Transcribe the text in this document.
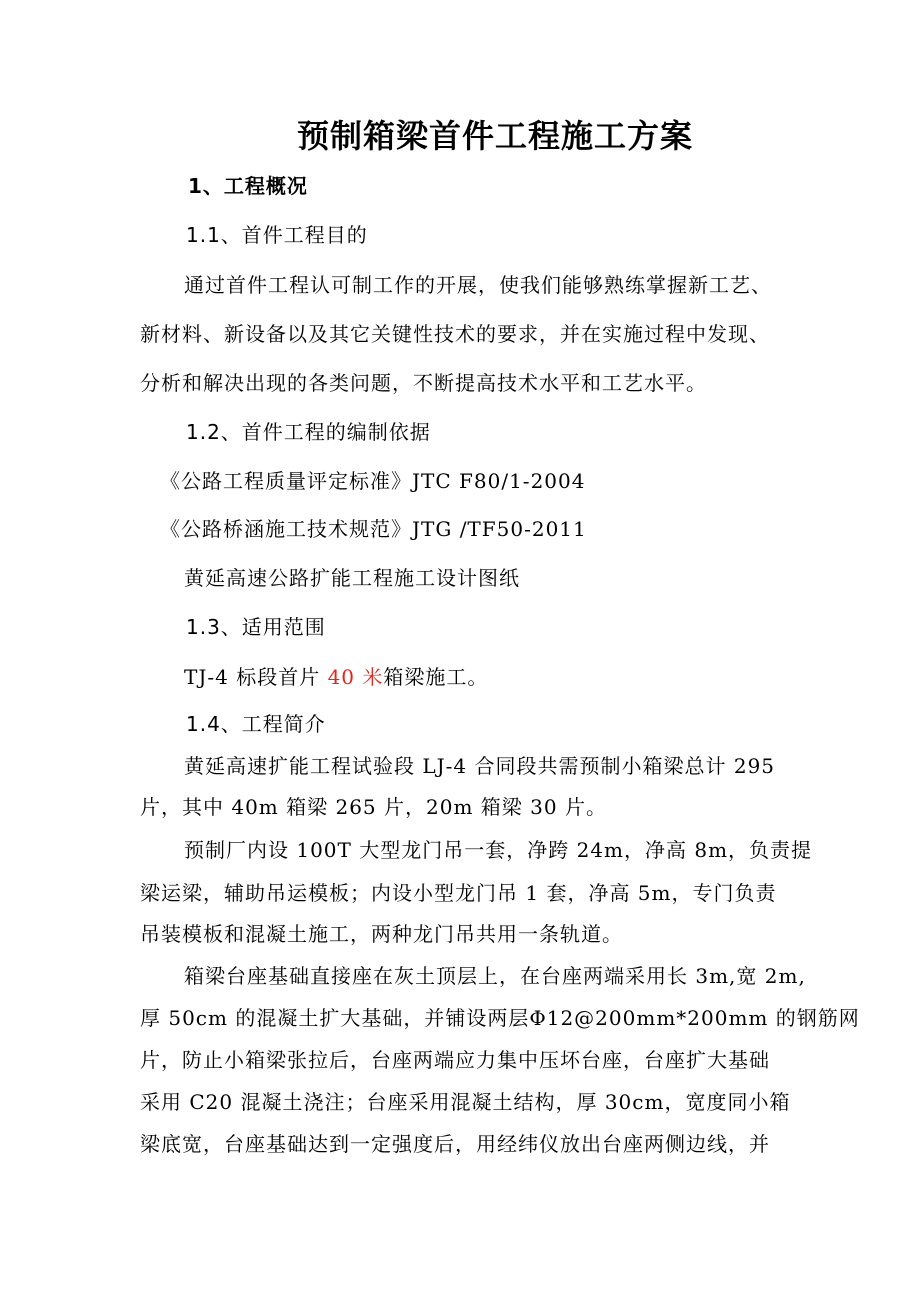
预制箱梁首件工程施工方案
1、工程概况
1.1、首件工程目的
通过首件工程认可制工作的开展，使我们能够熟练掌握新工艺、
新材料、新设备以及其它关键性技术的要求，并在实施过程中发现、
分析和解决出现的各类问题，不断提高技术水平和工艺水平。
1.2、首件工程的编制依据
《公路工程质量评定标准》JTC F80/1-2004
《公路桥涵施工技术规范》JTG /TF50-2011
黄延高速公路扩能工程施工设计图纸
1.3、适用范围
TJ-4 标段首片 40 米箱梁施工。
1.4、工程简介
黄延高速扩能工程试验段 LJ-4 合同段共需预制小箱梁总计 295
片，其中 40m 箱梁 265 片，20m 箱梁 30 片。
预制厂内设 100T 大型龙门吊一套，净跨 24m，净高 8m，负责提
梁运梁，辅助吊运模板；内设小型龙门吊 1 套，净高 5m，专门负责
吊装模板和混凝土施工，两种龙门吊共用一条轨道。
箱梁台座基础直接座在灰土顶层上，在台座两端采用长 3m,宽 2m,
厚 50cm 的混凝土扩大基础，并铺设两层Φ12@200mm*200mm 的钢筋网
片，防止小箱梁张拉后，台座两端应力集中压坏台座，台座扩大基础
采用 C20 混凝土浇注；台座采用混凝土结构，厚 30cm，宽度同小箱
梁底宽，台座基础达到一定强度后，用经纬仪放出台座两侧边线，并
